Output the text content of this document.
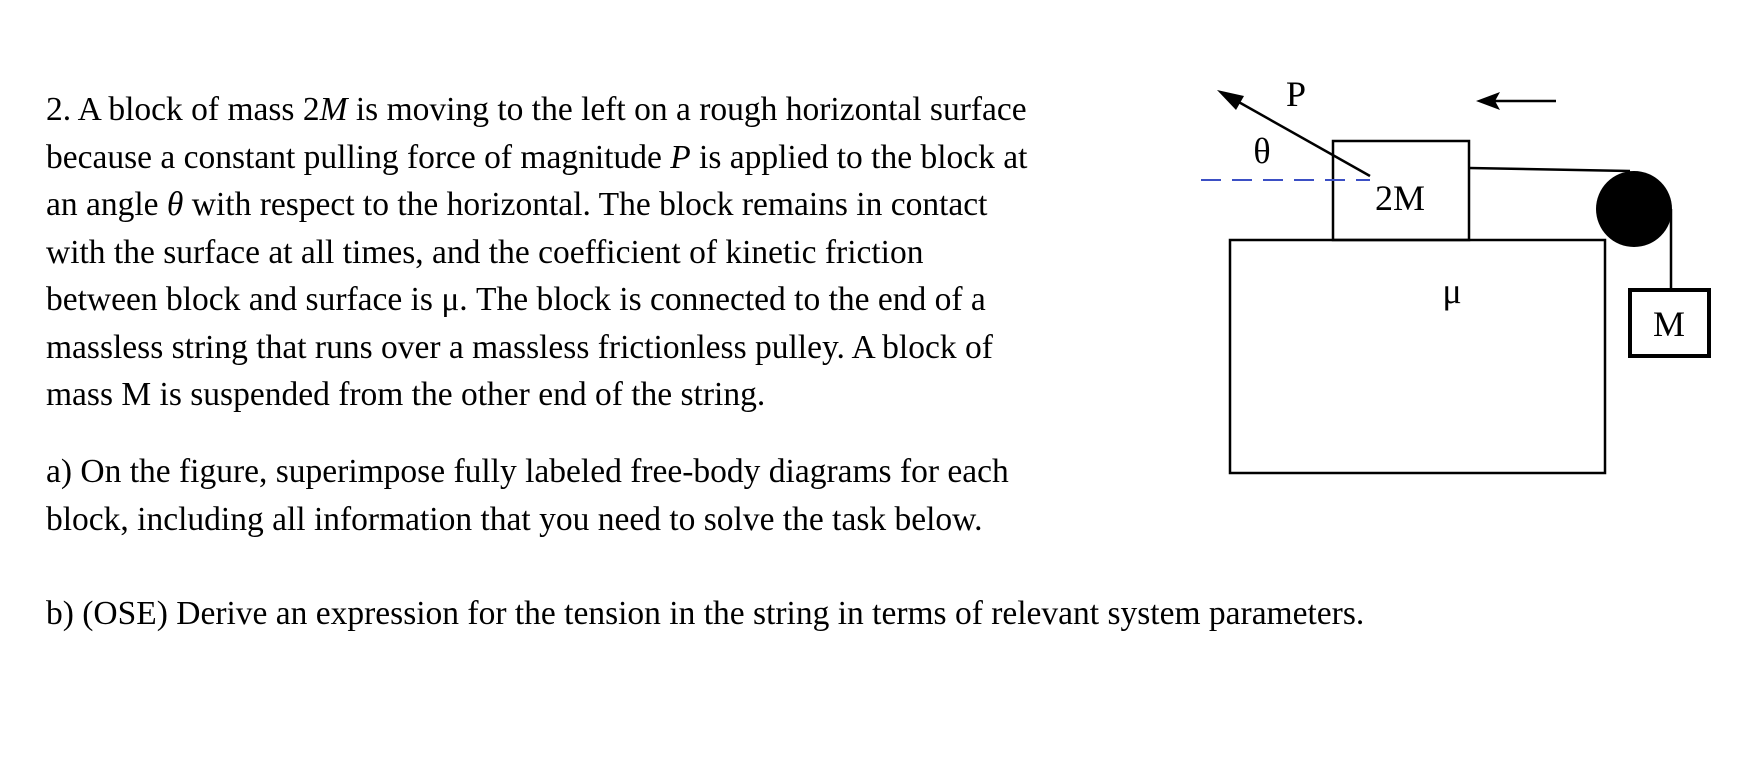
2. A block of mass 2M is moving to the left on a rough horizontal surface
because a constant pulling force of magnitude P is applied to the block at
an angle θ with respect to the horizontal. The block remains in contact
with the surface at all times, and the coefficient of kinetic friction
between block and surface is μ. The block is connected to the end of a
massless string that runs over a massless frictionless pulley. A block of
mass M is suspended from the other end of the string.
a) On the figure, superimpose fully labeled free-body diagrams for each
block, including all information that you need to solve the task below.
b) (OSE) Derive an expression for the tension in the string in terms of relevant system parameters.
2M
μ
P
θ
M
